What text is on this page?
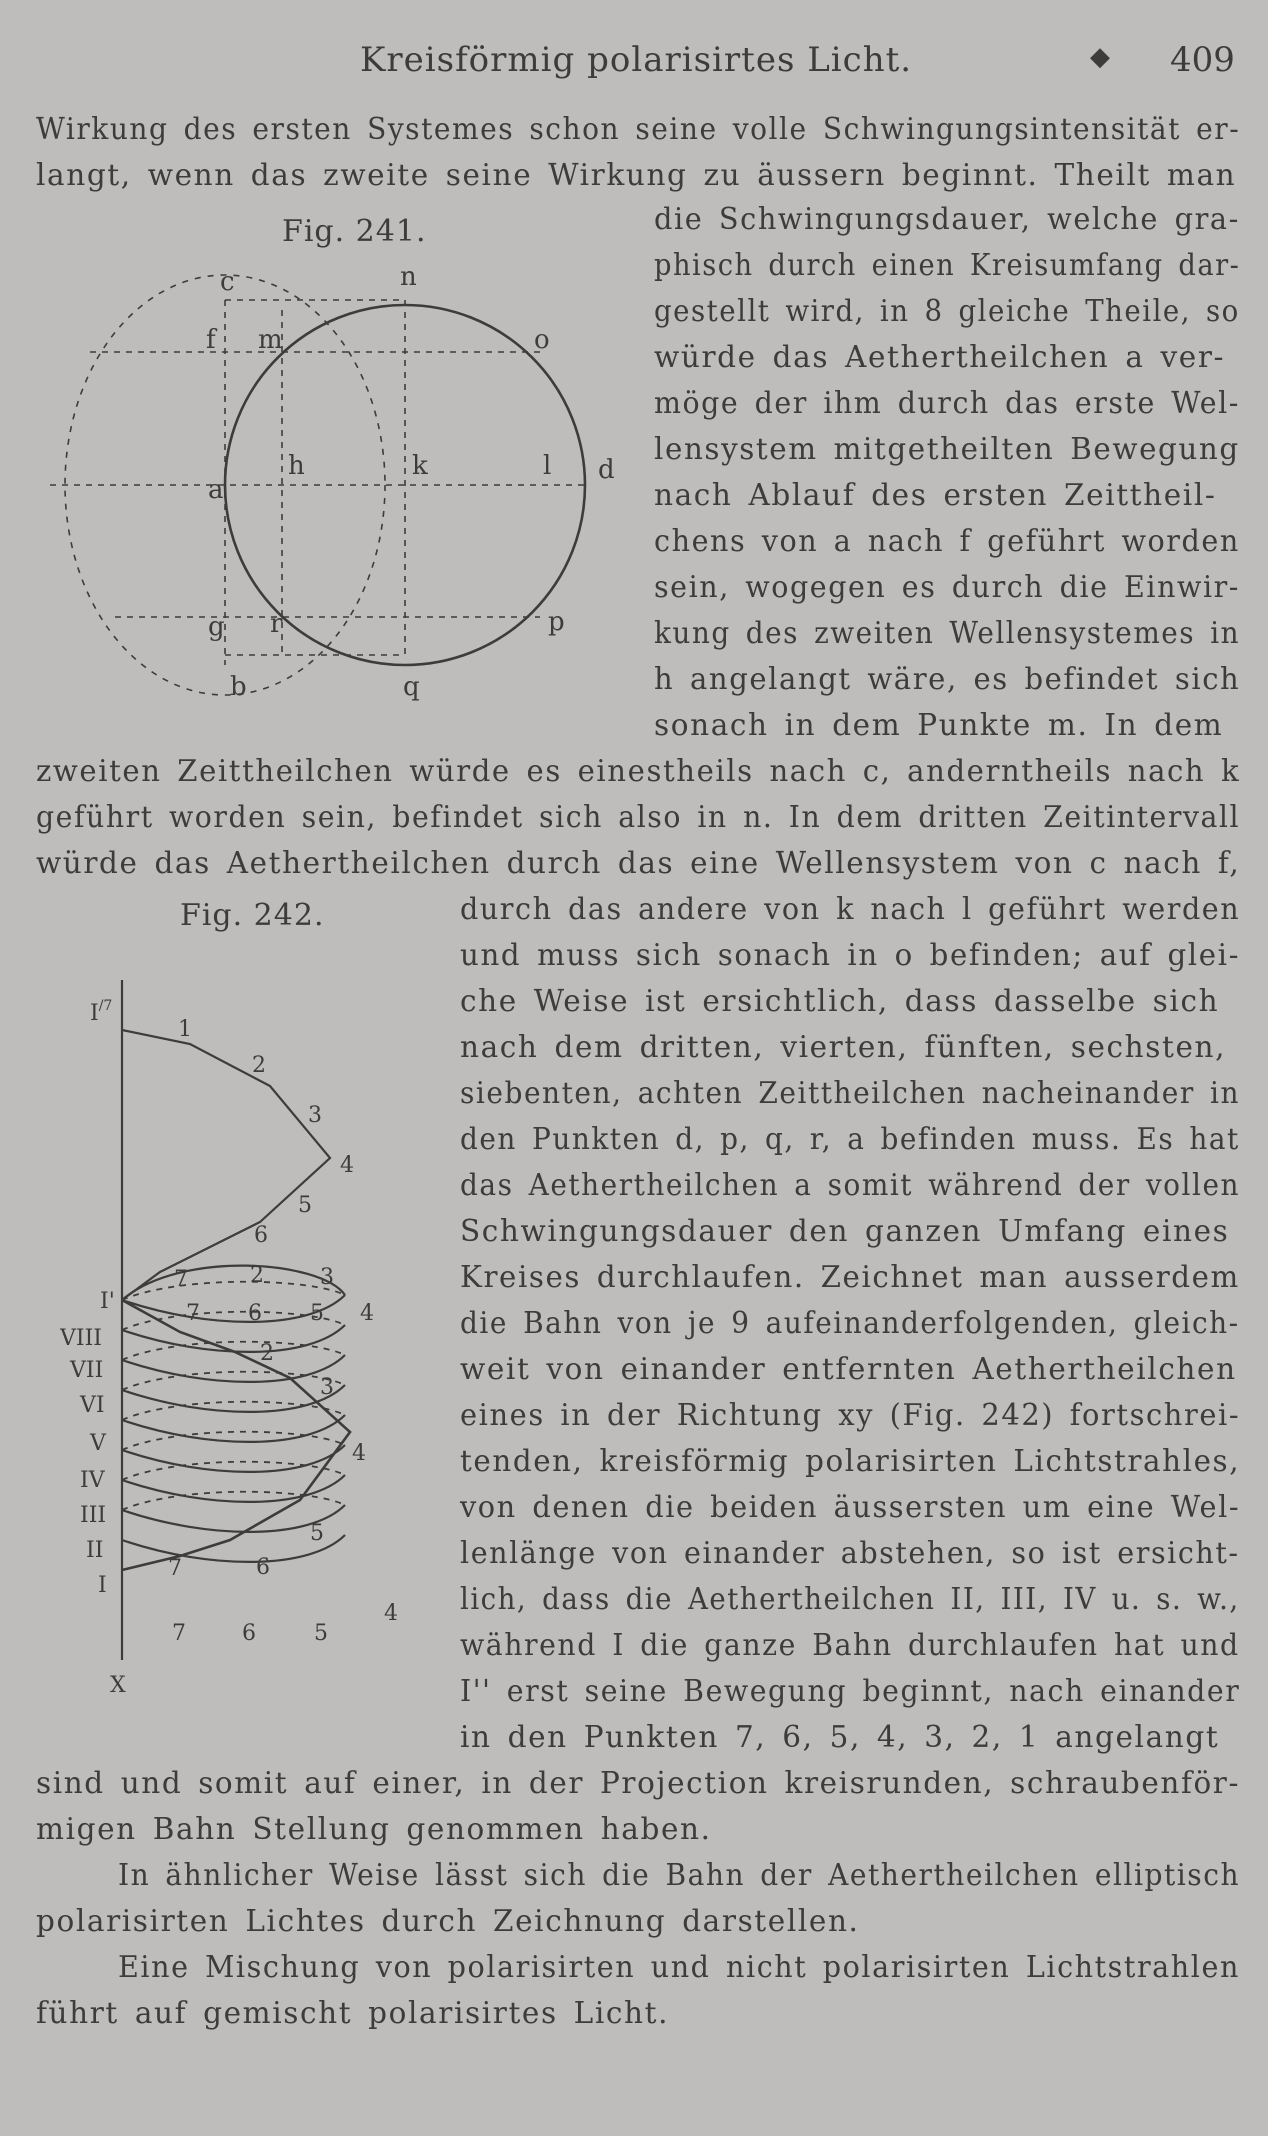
Kreisförmig polarisirtes Licht.	◆ 409
Fig. 241.
c	n
f m	o
h	k	l d
a
g r	p
b	q
Fig. 242.
$I^{/7}$
X
I'
VIII
VII
VI
V
IV
III
II
I
1
2
3
4
5
6
7	2	3
7 6 5 4
2
3
4
5
6
7
7	6	5
4
Wirkung des ersten Systemes schon seine volle Schwingungsintensität er-
langt, wenn das zweite seine Wirkung zu äussern beginnt. Theilt man
die Schwingungsdauer, welche gra-
phisch durch einen Kreisumfang dar-
gestellt wird, in 8 gleiche Theile, so
würde das Aethertheilchen a ver-
möge der ihm durch das erste Wel-
lensystem mitgetheilten Bewegung
nach Ablauf des ersten Zeittheil-
chens von a nach f geführt worden
sein, wogegen es durch die Einwir-
kung des zweiten Wellensystemes in
h angelangt wäre, es befindet sich
sonach in dem Punkte m. In dem
zweiten Zeittheilchen würde es einestheils nach c, anderntheils nach k
geführt worden sein, befindet sich also in n. In dem dritten Zeitintervall
würde das Aethertheilchen durch das eine Wellensystem von c nach f,
durch das andere von k nach l geführt werden
und muss sich sonach in o befinden; auf glei-
che Weise ist ersichtlich, dass dasselbe sich
nach dem dritten, vierten, fünften, sechsten,
siebenten, achten Zeittheilchen nacheinander in
den Punkten d, p, q, r, a befinden muss. Es hat
das Aethertheilchen a somit während der vollen
Schwingungsdauer den ganzen Umfang eines
Kreises durchlaufen. Zeichnet man ausserdem
die Bahn von je 9 aufeinanderfolgenden, gleich-
weit von einander entfernten Aethertheilchen
eines in der Richtung xy (Fig. 242) fortschrei-
tenden, kreisförmig polarisirten Lichtstrahles,
von denen die beiden äussersten um eine Wel-
lenlänge von einander abstehen, so ist ersicht-
lich, dass die Aethertheilchen II, III, IV u. s. w.,
während I die ganze Bahn durchlaufen hat und
I'' erst seine Bewegung beginnt, nach einander
in den Punkten 7, 6, 5, 4, 3, 2, 1 angelangt
sind und somit auf einer, in der Projection kreisrunden, schraubenför-
migen Bahn Stellung genommen haben.
In ähnlicher Weise lässt sich die Bahn der Aethertheilchen elliptisch
polarisirten Lichtes durch Zeichnung darstellen.
Eine Mischung von polarisirten und nicht polarisirten Lichtstrahlen
führt auf gemischt polarisirtes Licht.
